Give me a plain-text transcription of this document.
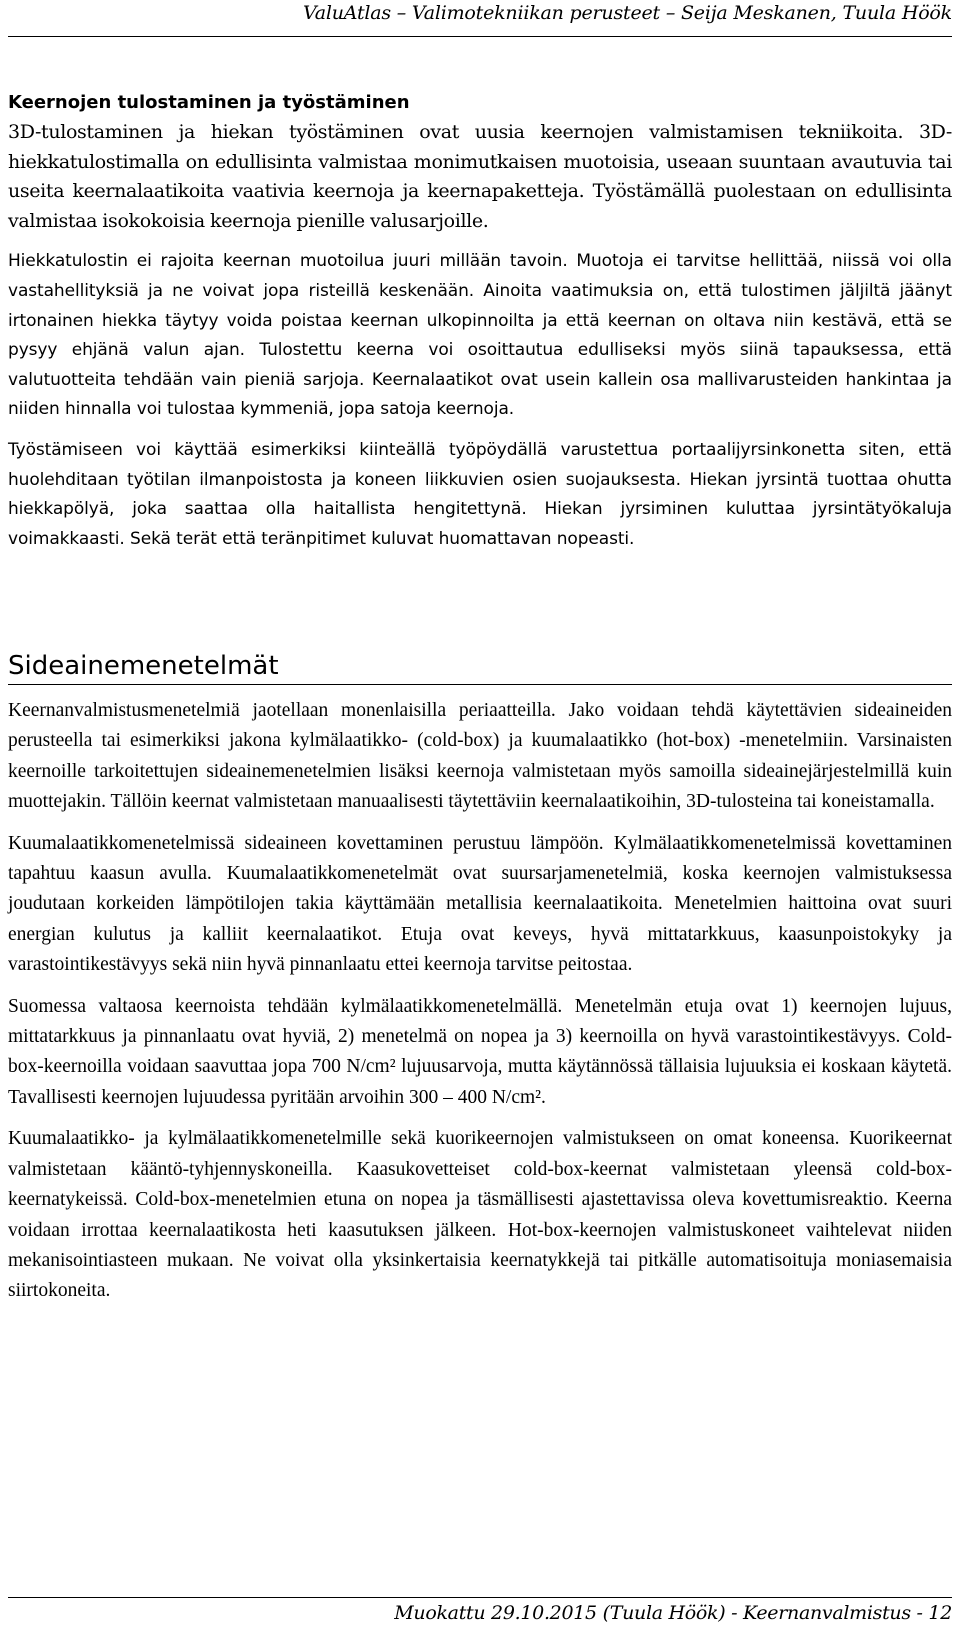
ValuAtlas – Valimotekniikan perusteet – Seija Meskanen, Tuula Höök
Keernojen tulostaminen ja työstäminen

3D-tulostaminen ja hiekan työstäminen ovat uusia keernojen valmistamisen tekniikoita. 3D-hiekkatulostimalla on edullisinta valmistaa monimutkaisen muotoisia, useaan suuntaan avautuvia tai useita keernalaatikoita vaativia keernoja ja keernapaketteja. Työstämällä puolestaan on edullisinta valmistaa isokokoisia keernoja pienille valusarjoille.

Hiekkatulostin ei rajoita keernan muotoilua juuri millään tavoin. Muotoja ei tarvitse hellittää, niissä voi olla vastahellityksiä ja ne voivat jopa risteillä keskenään. Ainoita vaatimuksia on, että tulostimen jäljiltä jäänyt irtonainen hiekka täytyy voida poistaa keernan ulkopinnoilta ja että keernan on oltava niin kestävä, että se pysyy ehjänä valun ajan. Tulostettu keerna voi osoittautua edulliseksi myös siinä tapauksessa, että valutuotteita tehdään vain pieniä sarjoja. Keernalaatikot ovat usein kallein osa mallivarusteiden hankintaa ja niiden hinnalla voi tulostaa kymmeniä, jopa satoja keernoja.

Työstämiseen voi käyttää esimerkiksi kiinteällä työpöydällä varustettua portaalijyrsinkonetta siten, että huolehditaan työtilan ilmanpoistosta ja koneen liikkuvien osien suojauksesta. Hiekan jyrsintä tuottaa ohutta hiekkapölyä, joka saattaa olla haitallista hengitettynä. Hiekan jyrsiminen kuluttaa jyrsintätyökaluja voimakkaasti. Sekä terät että teränpitimet kuluvat huomattavan nopeasti.

Sideainemenetelmät

Keernanvalmistusmenetelmiä jaotellaan monenlaisilla periaatteilla. Jako voidaan tehdä käytettävien sideaineiden perusteella tai esimerkiksi jakona kylmälaatikko- (cold-box) ja kuumalaatikko (hot-box) -menetelmiin. Varsinaisten keernoille tarkoitettujen sideainemenetelmien lisäksi keernoja valmistetaan myös samoilla sideainejärjestelmillä kuin muottejakin. Tällöin keernat valmistetaan manuaalisesti täytettäviin keernalaatikoihin, 3D-tulosteina tai koneistamalla.

Kuumalaatikkomenetelmissä sideaineen kovettaminen perustuu lämpöön. Kylmälaatikkomenetelmissä kovettaminen tapahtuu kaasun avulla. Kuumalaatikkomenetelmät ovat suursarjamenetelmiä, koska keernojen valmistuksessa joudutaan korkeiden lämpötilojen takia käyttämään metallisia keernalaatikoita. Menetelmien haittoina ovat suuri energian kulutus ja kalliit keernalaatikot. Etuja ovat keveys, hyvä mittatarkkuus, kaasunpoistokyky ja varastointikestävyys sekä niin hyvä pinnanlaatu ettei keernoja tarvitse peitostaa.

Suomessa valtaosa keernoista tehdään kylmälaatikkomenetelmällä. Menetelmän etuja ovat 1) keernojen lujuus, mittatarkkuus ja pinnanlaatu ovat hyviä, 2) menetelmä on nopea ja 3) keernoilla on hyvä varastointikestävyys. Cold-box-keernoilla voidaan saavuttaa jopa 700 N/cm² lujuusarvoja, mutta käytännössä tällaisia lujuuksia ei koskaan käytetä. Tavallisesti keernojen lujuudessa pyritään arvoihin 300 – 400 N/cm².

Kuumalaatikko- ja kylmälaatikkomenetelmille sekä kuorikeernojen valmistukseen on omat koneensa. Kuorikeernat valmistetaan kääntö-tyhjennyskoneilla. Kaasukovetteiset cold-box-keernat valmistetaan yleensä cold-box-keernatykeissä. Cold-box-menetelmien etuna on nopea ja täsmällisesti ajastettavissa oleva kovettumisreaktio. Keerna voidaan irrottaa keernalaatikosta heti kaasutuksen jälkeen. Hot-box-keernojen valmistuskoneet vaihtelevat niiden mekanisointiasteen mukaan. Ne voivat olla yksinkertaisia keernatykkejä tai pitkälle automatisoituja moniasemaisia siirtokoneita.

Muokattu 29.10.2015 (Tuula Höök) - Keernanvalmistus - 12
